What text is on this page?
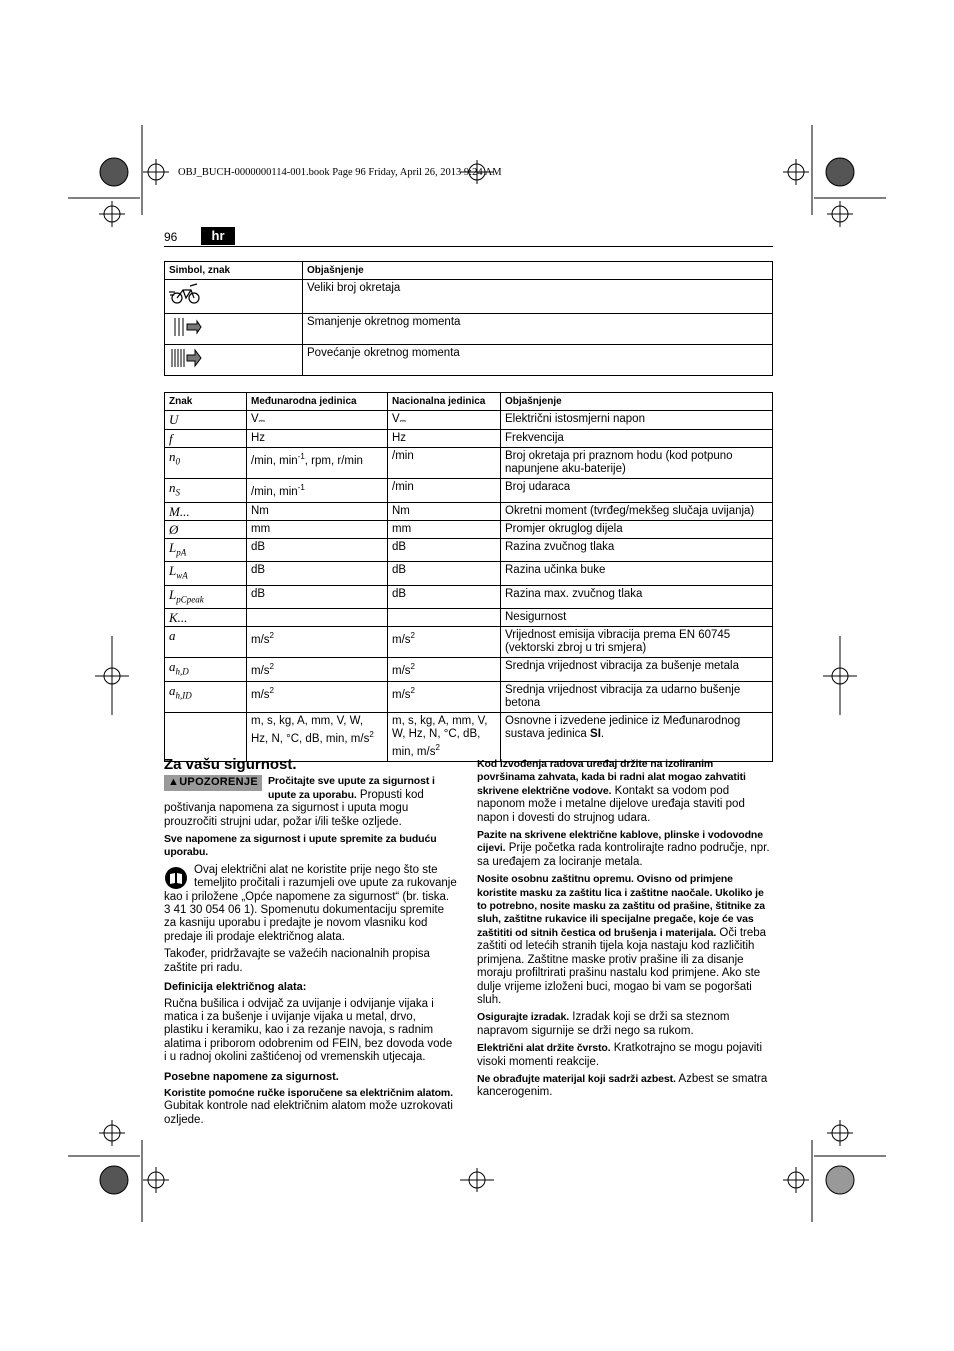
OBJ_BUCH-0000000114-001.book Page 96 Friday, April 26, 2013 9:24 AM
96	hr
Simbol, znak	Objašnjenje
	Veliki broj okretaja
	Smanjenje okretnog momenta
	Povećanje okretnog momenta
Znak	Međunarodna jedinica	Nacionalna jedinica	Objašnjenje
U	V⎓	V⎓	Električni istosmjerni napon
f	Hz	Hz	Frekvencija
$n_0$	/min, $\min^{-1}$, rpm, r/min	/min	Broj okretaja pri praznom hodu (kod potpuno napunjene aku-baterije)
$n_S$	/min, $\min^{-1}$	/min	Broj udaraca
M...	Nm	Nm	Okretni moment (tvrđeg/mekšeg slučaja uvijanja)
Ø	mm	mm	Promjer okruglog dijela
$L_{pA}$	dB	dB	Razina zvučnog tlaka
$L_{wA}$	dB	dB	Razina učinka buke
$L_{pCpeak}$	dB	dB	Razina max. zvučnog tlaka
K...			Nesigurnost
a	$m/s^2$	$m/s^2$	Vrijednost emisija vibracija prema EN 60745 (vektorski zbroj u tri smjera)
$a_{h,D}$	$m/s^2$	$m/s^2$	Srednja vrijednost vibracija za bušenje metala
$a_{h,ID}$	$m/s^2$	$m/s^2$	Srednja vrijednost vibracija za udarno bušenje betona
	m, s, kg, A, mm, V, W, Hz, N, °C, dB, min, $m/s^2$	m, s, kg, A, mm, V, W, Hz, N, °C, dB, min, $m/s^2$	Osnovne i izvedene jedinice iz Međunarodnog sustava jedinica SI.
Za vašu sigurnost.

▲UPOZORENJE Pročitajte sve upute za sigurnost i upute za uporabu. Propusti kod poštivanja napomena za sigurnost i uputa mogu prouzročiti strujni udar, požar i/ili teške ozljede.

Sve napomene za sigurnost i upute spremite za buduću uporabu.

Ovaj električni alat ne koristite prije nego što ste temeljito pročitali i razumjeli ove upute za rukovanje kao i priložene „Opće napomene za sigurnost“ (br. tiska. 3 41 30 054 06 1). Spomenutu dokumentaciju spremite za kasniju uporabu i predajte je novom vlasniku kod predaje ili prodaje električnog alata.

Također, pridržavajte se važećih nacionalnih propisa zaštite pri radu.

Definicija električnog alata:

Ručna bušilica i odvijač za uvijanje i odvijanje vijaka i matica i za bušenje i uvijanje vijaka u metal, drvo, plastiku i keramiku, kao i za rezanje navoja, s radnim alatima i priborom odobrenim od FEIN, bez dovoda vode i u radnoj okolini zaštićenoj od vremenskih utjecaja.

Posebne napomene za sigurnost.

Koristite pomoćne ručke isporučene sa električnim alatom. Gubitak kontrole nad električnim alatom može uzrokovati ozljede.

Kod izvođenja radova uređaj držite na izoliranim površinama zahvata, kada bi radni alat mogao zahvatiti skrivene električne vodove. Kontakt sa vodom pod naponom može i metalne dijelove uređaja staviti pod napon i dovesti do strujnog udara.

Pazite na skrivene električne kablove, plinske i vodovodne cijevi. Prije početka rada kontrolirajte radno područje, npr. sa uređajem za lociranje metala.

Nosite osobnu zaštitnu opremu. Ovisno od primjene koristite masku za zaštitu lica i zaštitne naočale. Ukoliko je to potrebno, nosite masku za zaštitu od prašine, štitnike za sluh, zaštitne rukavice ili specijalne pregače, koje će vas zaštititi od sitnih čestica od brušenja i materijala. Oči treba zaštiti od letećih stranih tijela koja nastaju kod različitih primjena. Zaštitne maske protiv prašine ili za disanje moraju profiltrirati prašinu nastalu kod primjene. Ako ste dulje vrijeme izloženi buci, mogao bi vam se pogoršati sluh.

Osigurajte izradak. Izradak koji se drži sa steznom napravom sigurnije se drži nego sa rukom.

Električni alat držite čvrsto. Kratkotrajno se mogu pojaviti visoki momenti reakcije.

Ne obrađujte materijal koji sadrži azbest. Azbest se smatra kancerogenim.
